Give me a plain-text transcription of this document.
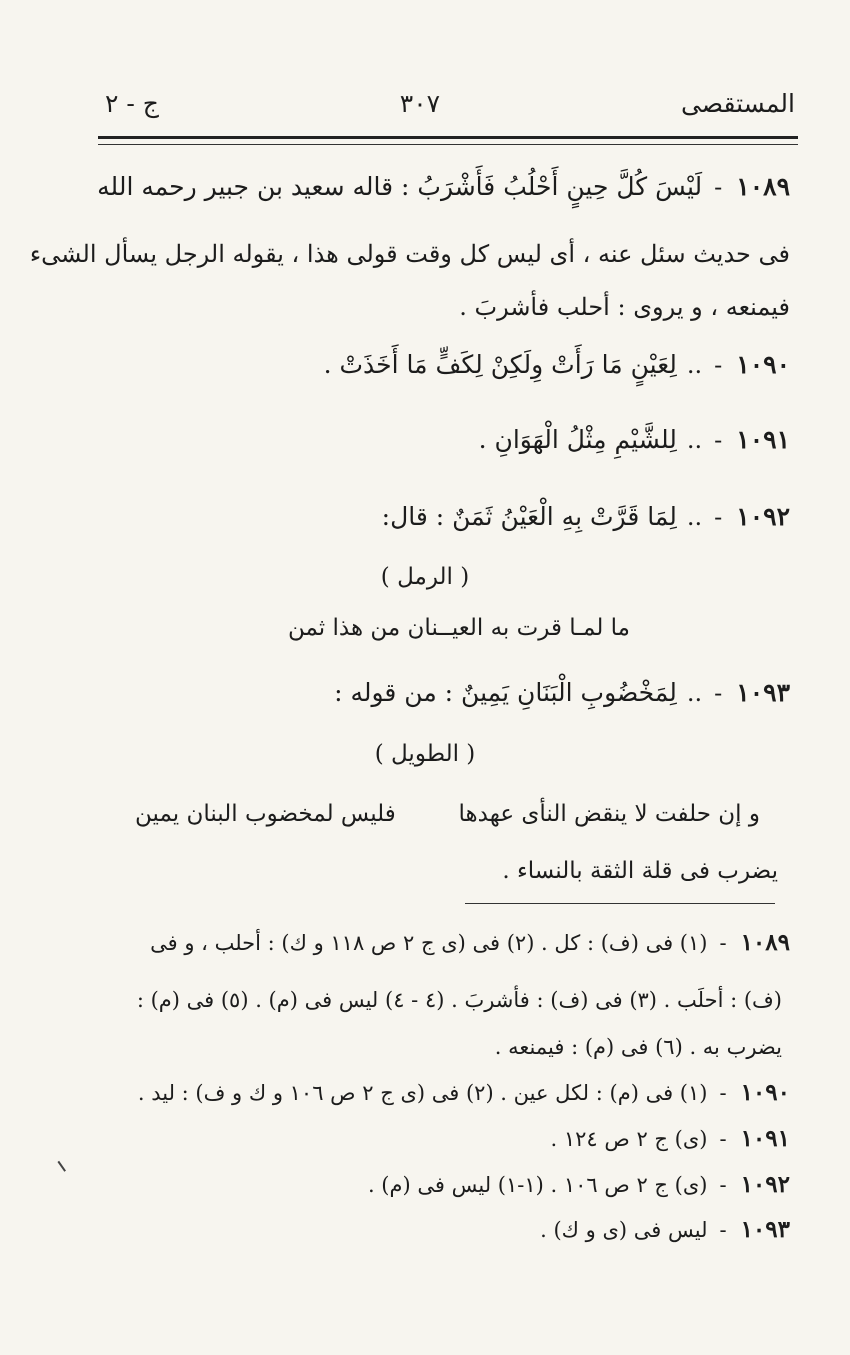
المستقصى
٣٠٧
ج - ٢
١٠٨٩
-
لَيْسَ كُلَّ حِينٍ أَحْلُبُ فَأَشْرَبُ : قاله سعيد بن جبير رحمه الله
فى حديث سئل عنه ، أى ليس كل وقت قولى هذا ، يقوله الرجل يسأل الشىء
فيمنعه ، و يروى : أحلب فأشربَ .
١٠٩٠
-
..
لِعَيْنٍ مَا رَأَتْ وِلَكِنْ لِكَفٍّ مَا أَخَذَتْ .
١٠٩١
-
..
لِلشَّيْمِ مِثْلُ الْهَوَانِ .
١٠٩٢
-
..
لِمَا قَرَّتْ بِهِ الْعَيْنُ ثَمَنٌ : قال:
( الرمل )
ما لمـا قرت به العيــنان من هذا ثمن
١٠٩٣
-
..
لِمَخْضُوبِ الْبَنَانِ يَمِينٌ : من قوله :
( الطويل )
و إن حلفت لا ينقض النأى عهدها
فليس لمخضوب البنان يمين
يضرب فى قلة الثقة بالنساء .
١٠٨٩
-
(١) فى (ف) : كل . (٢) فى (ى ج ٢ ص ١١٨ و ك) : أحلب ، و فى
(ف) : أحلَب . (٣) فى (ف) : فأشربَ . (٤ - ٤) ليس فى (م) . (٥) فى (م) :
يضرب به . (٦) فى (م) : فيمنعه .
١٠٩٠
-
(١) فى (م) : لكل عين . (٢) فى (ى ج ٢ ص ١٠٦ و ك و ف) : ليد .
١٠٩١
-
(ى) ج ٢ ص ١٢٤ .
١٠٩٢
-
(ى) ج ٢ ص ١٠٦ . (١-١) ليس فى (م) .
١٠٩٣
-
ليس فى (ى و ك) .
